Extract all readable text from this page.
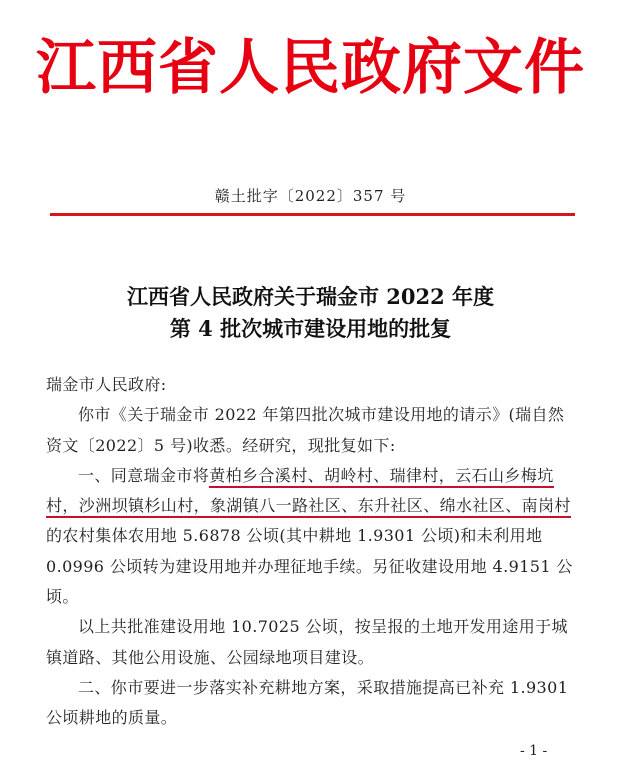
江西省人民政府文件
赣土批字〔2022〕357 号
江西省人民政府关于瑞金市 2022 年度
第 4 批次城市建设用地的批复

瑞金市人民政府:

你市《关于瑞金市 2022 年第四批次城市建设用地的请示》(瑞自然资文〔2022〕5 号)收悉。经研究，现批复如下:

一、同意瑞金市将黄柏乡合溪村、胡岭村、瑞律村，云石山乡梅坑村，沙洲坝镇杉山村，象湖镇八一路社区、东升社区、绵水社区、南岗村的农村集体农用地 5.6878 公顷(其中耕地 1.9301 公顷)和未利用地 0.0996 公顷转为建设用地并办理征地手续。另征收建设用地 4.9151 公顷。

以上共批准建设用地 10.7025 公顷，按呈报的土地开发用途用于城镇道路、其他公用设施、公园绿地项目建设。

二、你市要进一步落实补充耕地方案，采取措施提高已补充 1.9301 公顷耕地的质量。

- 1 -
